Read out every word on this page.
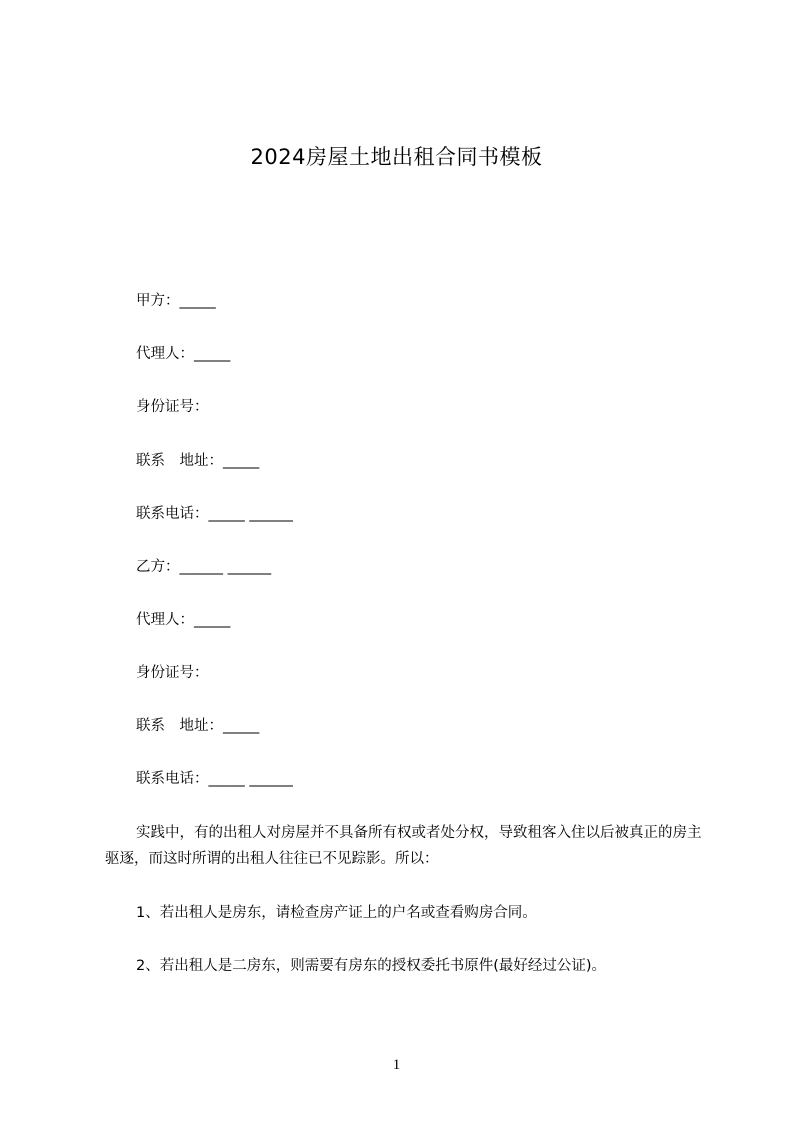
2024房屋土地出租合同书模板
甲方：_____
代理人：_____
身份证号：
联系　地址：_____
联系电话：_____ ______
乙方：______ ______
代理人：_____
身份证号：
联系　地址：_____
联系电话：_____ ______
实践中，有的出租人对房屋并不具备所有权或者处分权，导致租客入住以后被真正的房主驱逐，而这时所谓的出租人往往已不见踪影。所以：
1、若出租人是房东，请检查房产证上的户名或查看购房合同。
2、若出租人是二房东，则需要有房东的授权委托书原件(最好经过公证)。
1
